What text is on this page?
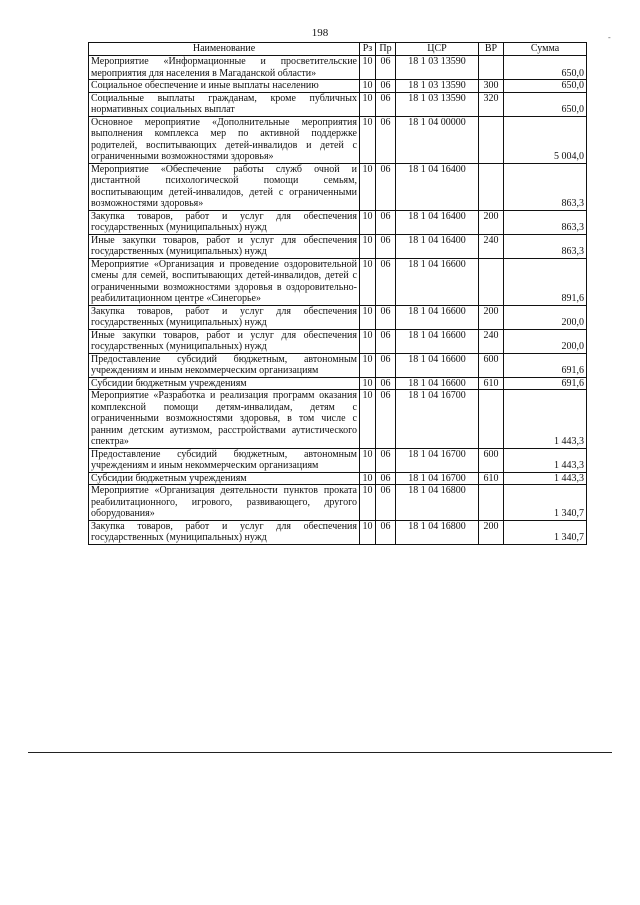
198	-
Наименование	Рз	Пр	ЦСР	ВР	Сумма
Мероприятие «Информационные и просветительские мероприятия для населения в Магаданской области»	10	06	18 1 03 13590		650,0
Социальное обеспечение и иные выплаты населению	10	06	18 1 03 13590	300	650,0
Социальные выплаты гражданам, кроме публичных нормативных социальных выплат	10	06	18 1 03 13590	320	650,0
Основное мероприятие «Дополнительные мероприятия выполнения комплекса мер по активной поддержке родителей, воспитывающих детей-инвалидов и детей с ограниченными возможностями здоровья»	10	06	18 1 04 00000		5 004,0
Мероприятие «Обеспечение работы служб очной и дистантной психологической помощи семьям, воспитывающим детей-инвалидов, детей с ограниченными возможностями здоровья»	10	06	18 1 04 16400		863,3
Закупка товаров, работ и услуг для обеспечения государственных (муниципальных) нужд	10	06	18 1 04 16400	200	863,3
Иные закупки товаров, работ и услуг для обеспечения государственных (муниципальных) нужд	10	06	18 1 04 16400	240	863,3
Мероприятие «Организация и проведение оздоровительной смены для семей, воспитывающих детей-инвалидов, детей с ограниченными возможностями здоровья в оздоровительно-реабилитационном центре «Синегорье»	10	06	18 1 04 16600		891,6
Закупка товаров, работ и услуг для обеспечения государственных (муниципальных) нужд	10	06	18 1 04 16600	200	200,0
Иные закупки товаров, работ и услуг для обеспечения государственных (муниципальных) нужд	10	06	18 1 04 16600	240	200,0
Предоставление субсидий бюджетным, автономным учреждениям и иным некоммерческим организациям	10	06	18 1 04 16600	600	691,6
Субсидии бюджетным учреждениям	10	06	18 1 04 16600	610	691,6
Мероприятие «Разработка и реализация программ оказания комплексной помощи детям-инвалидам, детям с ограниченными возможностями здоровья, в том числе с ранним детским аутизмом, расстройствами аутистического спектра»	10	06	18 1 04 16700		1 443,3
Предоставление субсидий бюджетным, автономным учреждениям и иным некоммерческим организациям	10	06	18 1 04 16700	600	1 443,3
Субсидии бюджетным учреждениям	10	06	18 1 04 16700	610	1 443,3
Мероприятие «Организация деятельности пунктов проката реабилитационного, игрового, развивающего, другого оборудования»	10	06	18 1 04 16800		1 340,7
Закупка товаров, работ и услуг для обеспечения государственных (муниципальных) нужд	10	06	18 1 04 16800	200	1 340,7
